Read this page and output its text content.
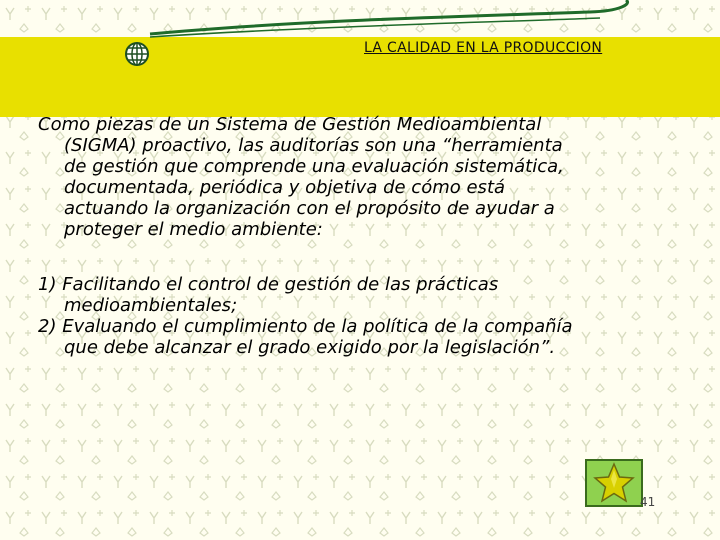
LA CALIDAD EN LA PRODUCCION
Como piezas de un Sistema de Gestión Medioambiental
(SIGMA) proactivo, las auditorías son una “herramienta
de gestión que comprende una evaluación sistemática,
documentada, periódica y objetiva de cómo está
actuando la organización con el propósito de ayudar a
proteger el medio ambiente:
1) Facilitando el control de gestión de las prácticas
medioambientales;
2) Evaluando el cumplimiento de la política de la compañía
que debe alcanzar el grado exigido por la legislación”.
41
